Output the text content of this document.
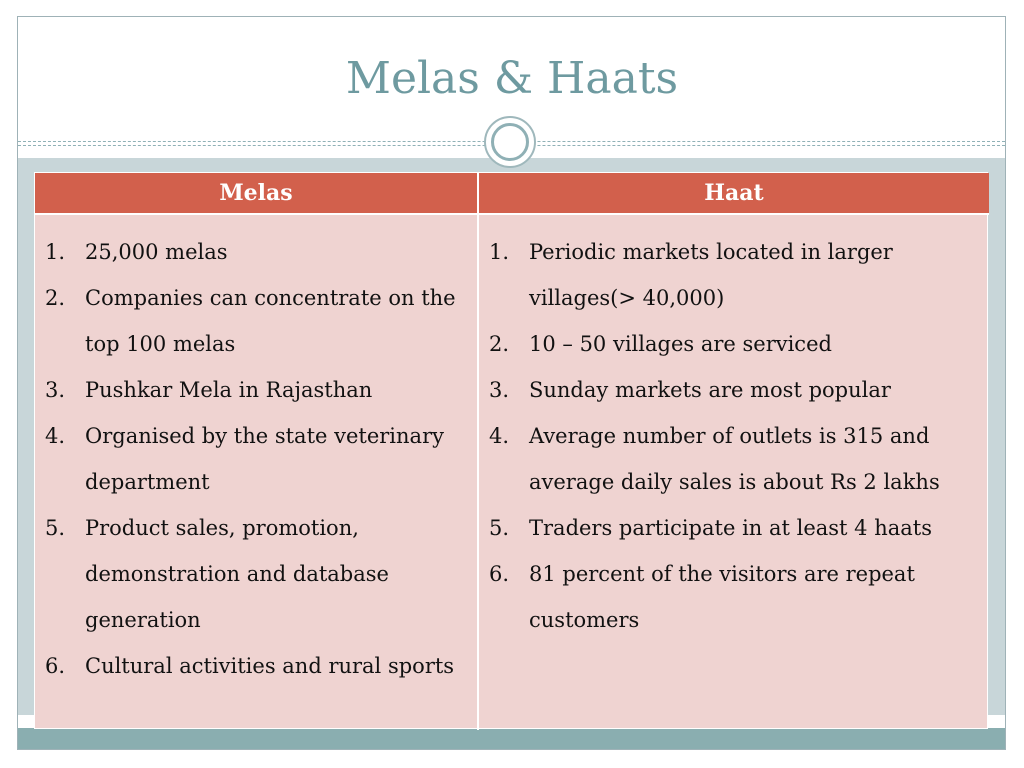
Melas & Haats
Melas	Haat
1. 25,000 melas
2. Companies can concentrate on the top 100 melas
3. Pushkar Mela in Rajasthan
4. Organised by the state veterinary department
5. Product sales, promotion, demonstration and database generation
6. Cultural activities and rural sports
1. Periodic markets located in larger villages(> 40,000)
2. 10 – 50 villages are serviced
3. Sunday markets are most popular
4. Average number of outlets is 315 and average daily sales is about Rs 2 lakhs
5. Traders participate in at least 4 haats
6. 81 percent of the visitors are repeat customers
